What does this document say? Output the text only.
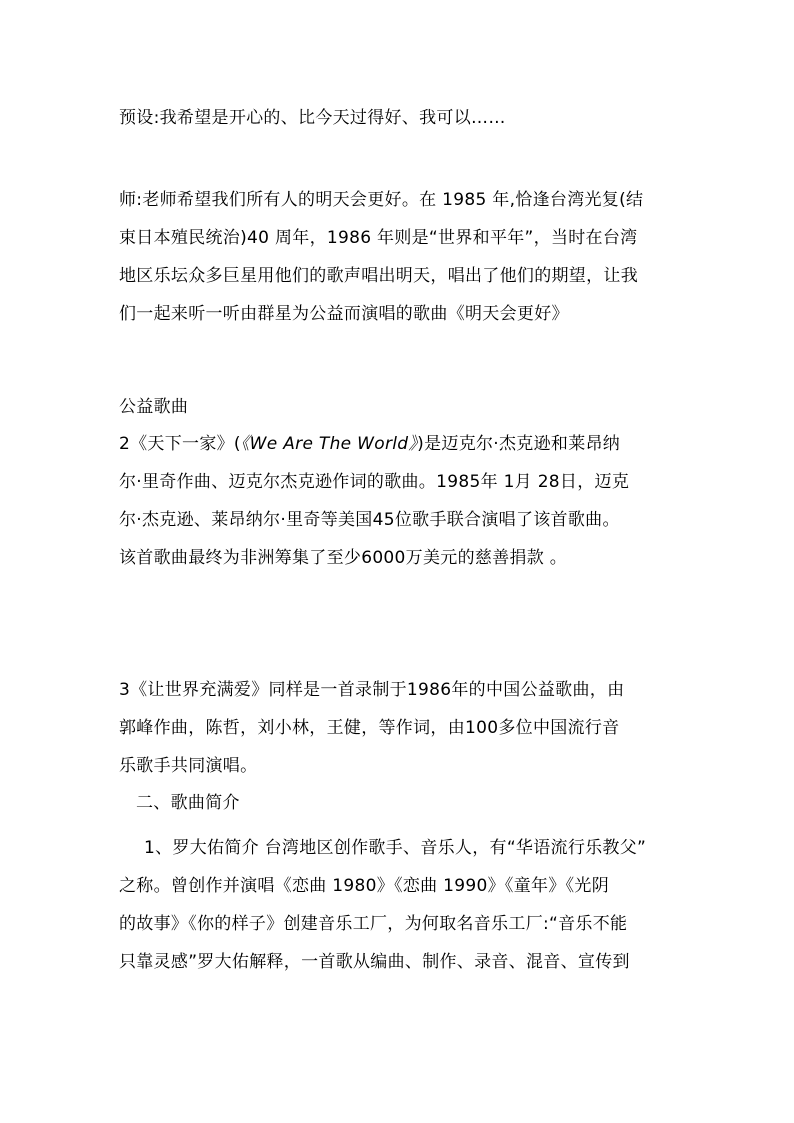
预设:我希望是开心的、比今天过得好、我可以……
师:老师希望我们所有人的明天会更好。在 1985 年,恰逢台湾光复(结
束日本殖民统治)40 周年，1986 年则是“世界和平年”，当时在台湾
地区乐坛众多巨星用他们的歌声唱出明天，唱出了他们的期望，让我
们一起来听一听由群星为公益而演唱的歌曲《明天会更好》
公益歌曲
2《天下一家》(《We Are The World》)是迈克尔·杰克逊和莱昂纳
尔·里奇作曲、迈克尔杰克逊作词的歌曲。1985年 1月 28日，迈克
尔·杰克逊、莱昂纳尔·里奇等美国45位歌手联合演唱了该首歌曲。
该首歌曲最终为非洲筹集了至少6000万美元的慈善捐款 。
3《让世界充满爱》同样是一首录制于1986年的中国公益歌曲，由
郭峰作曲，陈哲，刘小林，王健，等作词，由100多位中国流行音
乐歌手共同演唱。
二、歌曲简介
1、罗大佑简介 台湾地区创作歌手、音乐人，有“华语流行乐教父”
之称。曾创作并演唱《恋曲 1980》《恋曲 1990》《童年》《光阴
的故事》《你的样子》创建音乐工厂，为何取名音乐工厂:“音乐不能
只靠灵感”罗大佑解释，一首歌从编曲、制作、录音、混音、宣传到
